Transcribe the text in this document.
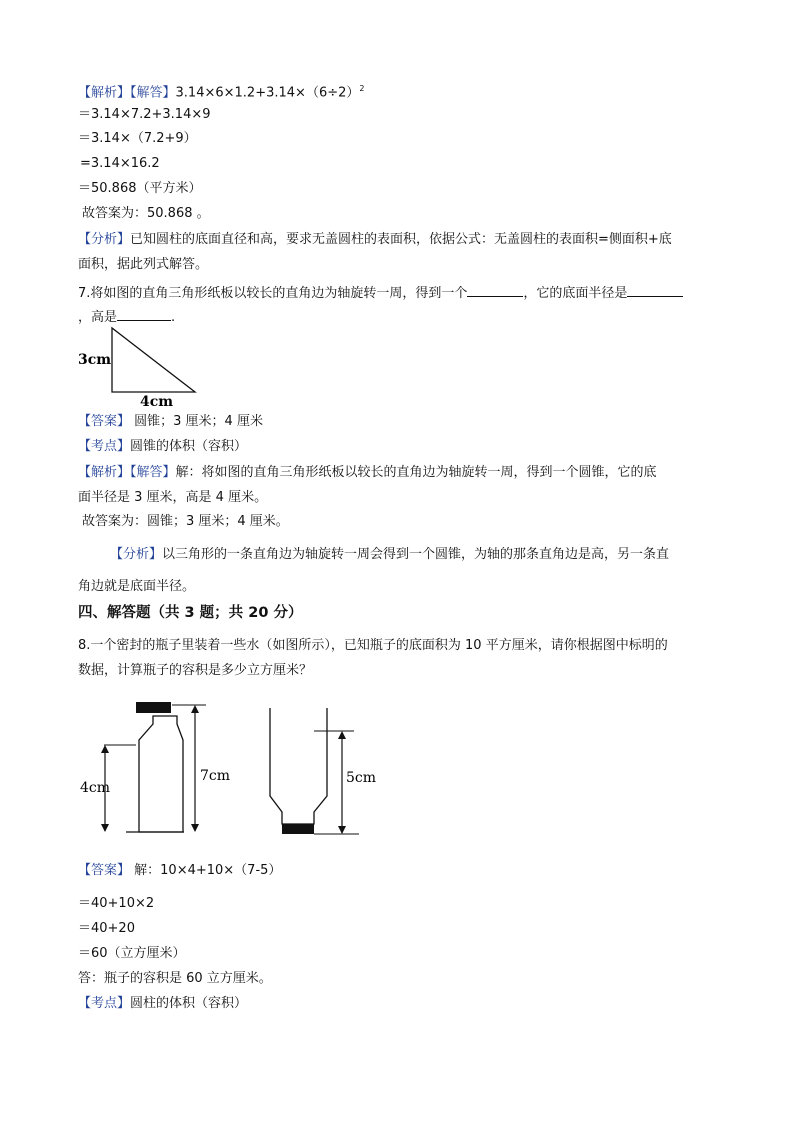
【解析】【解答】$3.14\times 6\times 1.2+3.14\times(6\div 2)^2$
＝3.14×7.2+3.14×9
＝3.14×（7.2+9）
=3.14×16.2
＝50.868（平方米）
故答案为：50.868 。
【分析】已知圆柱的底面直径和高，要求无盖圆柱的表面积，依据公式：无盖圆柱的表面积=侧面积+底
面积，据此列式解答。
7.将如图的直角三角形纸板以较长的直角边为轴旋转一周，得到一个	，它的底面半径是
，高是	.
3cm
4cm
【答案】 圆锥；3 厘米；4 厘米
【考点】圆锥的体积（容积）
【解析】【解答】解：将如图的直角三角形纸板以较长的直角边为轴旋转一周，得到一个圆锥，它的底
面半径是 3 厘米，高是 4 厘米。
故答案为：圆锥；3 厘米；4 厘米。
【分析】以三角形的一条直角边为轴旋转一周会得到一个圆锥，为轴的那条直角边是高，另一条直
角边就是底面半径。
四、解答题（共 3 题；共 20 分）
8.一个密封的瓶子里装着一些水（如图所示），已知瓶子的底面积为 10 平方厘米，请你根据图中标明的
数据，计算瓶子的容积是多少立方厘米？
4cm
7cm	5cm
【答案】 解：10×4+10×（7-5）
＝40+10×2
＝40+20
＝60（立方厘米）
答：瓶子的容积是 60 立方厘米。
【考点】圆柱的体积（容积）
